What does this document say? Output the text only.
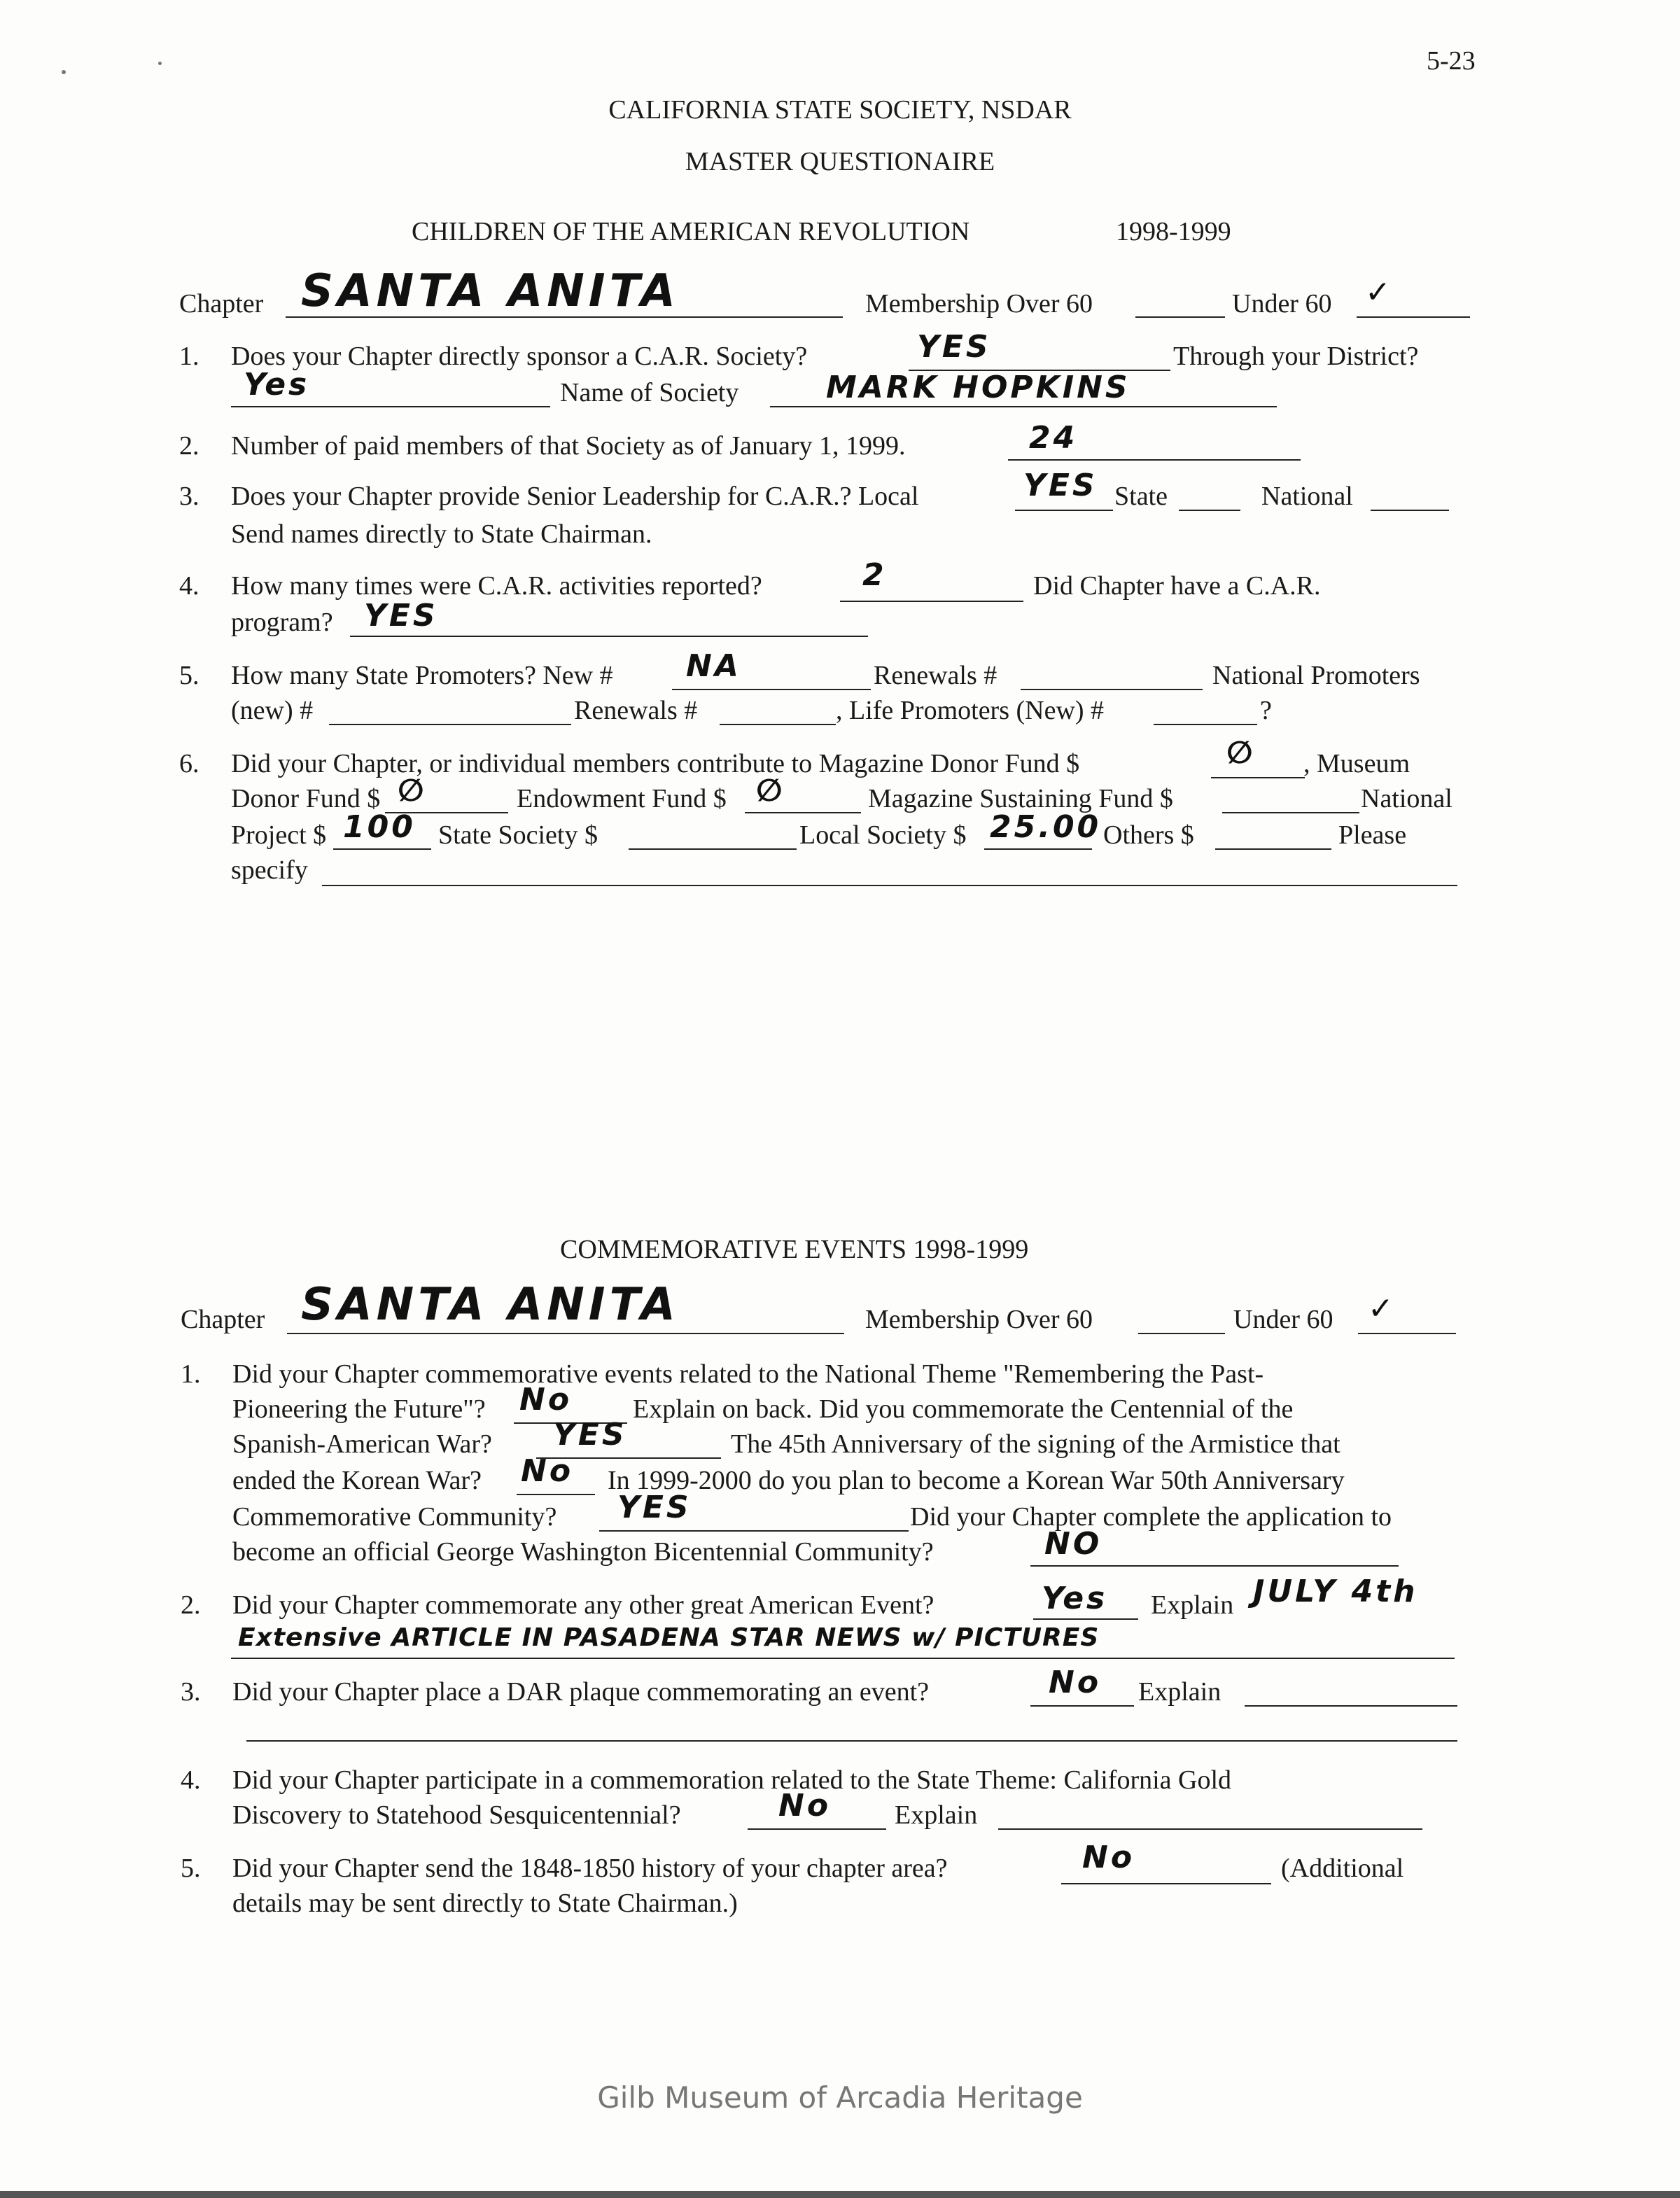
5-23
CALIFORNIA STATE SOCIETY, NSDAR
MASTER QUESTIONAIRE
CHILDREN OF THE AMERICAN REVOLUTION	1998-1999
Chapter SANTA ANITA	Membership Over 60	Under 60 ✓
1. Does your Chapter directly sponsor a C.A.R. Society?	YES	Through your District?
Yes	Name of Society	MARK HOPKINS
2. Number of paid members of that Society as of January 1, 1999.	24
3. Does your Chapter provide Senior Leadership for C.A.R.? Local	YES State	National
Send names directly to State Chairman.
4. How many times were C.A.R. activities reported?	2	Did Chapter have a C.A.R.
program? YES
5. How many State Promoters? New # NA	Renewals #	National Promoters
(new) #	Renewals #	, Life Promoters (New) #	?
6. Did your Chapter, or individual members contribute to Magazine Donor Fund $	∅ , Museum
Donor Fund $ ∅	Endowment Fund $ ∅	Magazine Sustaining Fund $	National
Project $ 100 State Society $	Local Society $ 25.00 Others $	Please
specify
COMMEMORATIVE EVENTS 1998-1999
Chapter SANTA ANITA	Membership Over 60	Under 60 ✓
1. Did your Chapter commemorative events related to the National Theme "Remembering the Past-
Pioneering the Future"? No Explain on back. Did you commemorate the Centennial of the
Spanish-American War? YES	The 45th Anniversary of the signing of the Armistice that
ended the Korean War? No In 1999-2000 do you plan to become a Korean War 50th Anniversary
Commemorative Community? YES	Did your Chapter complete the application to
become an official George Washington Bicentennial Community?	NO
2. Did your Chapter commemorate any other great American Event?	Yes Explain JULY 4th
Extensive ARTICLE IN PASADENA STAR NEWS w/ PICTURES
3. Did your Chapter place a DAR plaque commemorating an event?	No Explain
4. Did your Chapter participate in a commemoration related to the State Theme: California Gold
Discovery to Statehood Sesquicentennial?	No Explain
5. Did your Chapter send the 1848-1850 history of your chapter area?	No	(Additional
details may be sent directly to State Chairman.)
Gilb Museum of Arcadia Heritage
